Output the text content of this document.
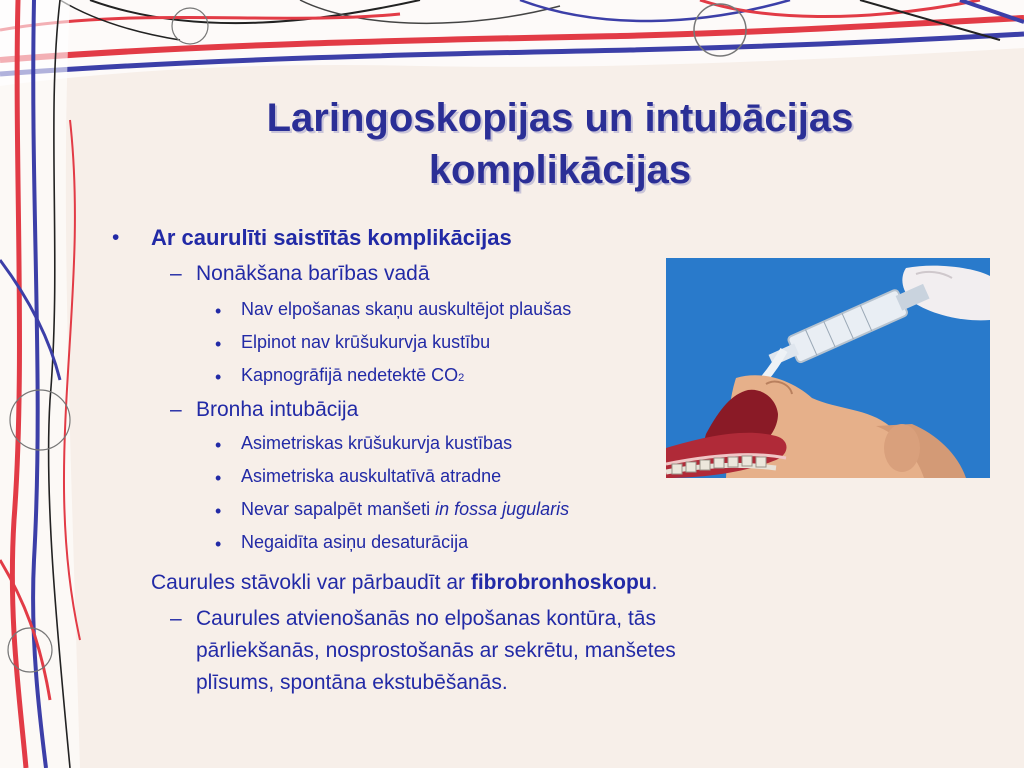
Laringoskopijas un intubācijas
komplikācijas
• Ar caurulīti saistītās komplikācijas
– Nonākšana barības vadā
• Nav elpošanas skaņu auskultējot plaušas
• Elpinot nav krūšukurvja kustību
• Kapnogrāfijā nedetektē CO2
– Bronha intubācija
• Asimetriskas krūšukurvja kustības
• Asimetriska auskultatīvā atradne
• Nevar sapalpēt manšeti in fossa jugularis
• Negaidīta asiņu desaturācija
Caurules stāvokli var pārbaudīt ar fibrobronhoskopu.
– Caurules atvienošanās no elpošanas kontūra, tās
pārliekšanās, nosprostošanās ar sekrētu, manšetes
plīsums, spontāna ekstubēšanās.
